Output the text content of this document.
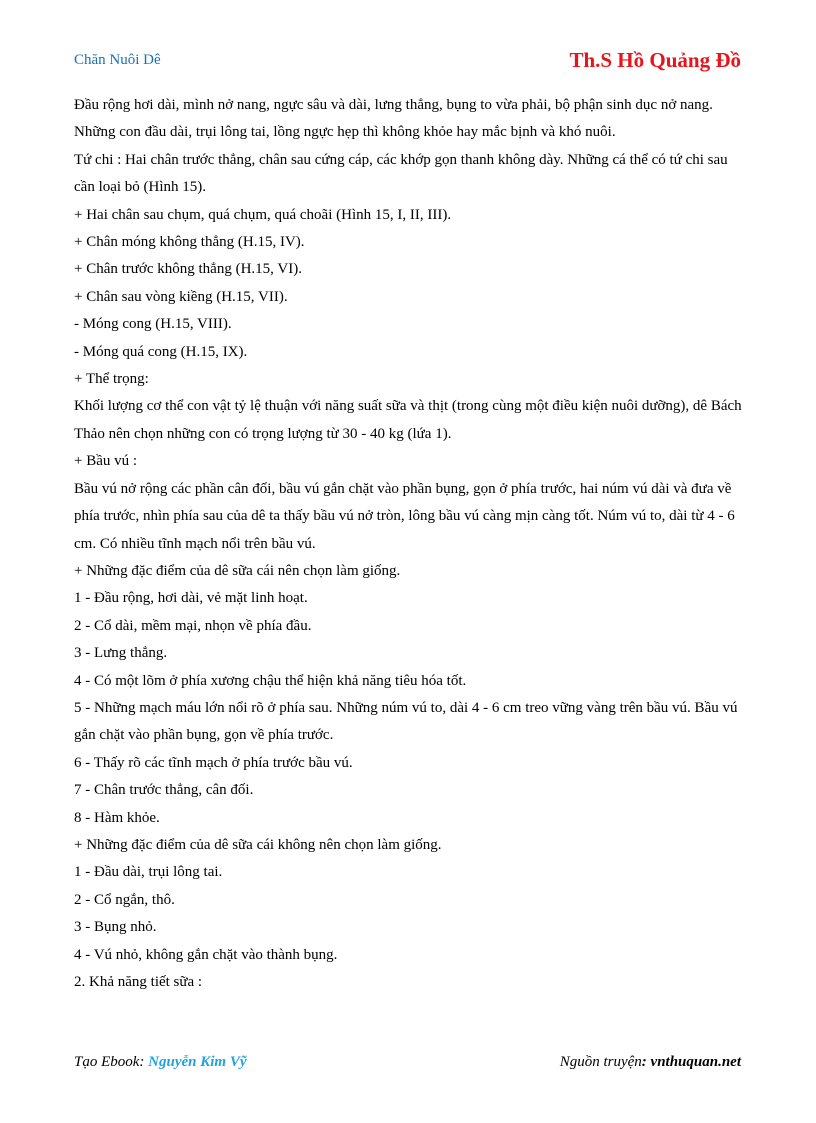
Chăn Nuôi Dê	Th.S Hồ Quảng Đồ

Đầu rộng hơi dài, mình nở nang, ngực sâu và dài, lưng thẳng, bụng to vừa phải, bộ phận sinh dục nở nang.

Những con đầu dài, trụi lông tai, lồng ngực hẹp thì không khỏe hay mắc bịnh và khó nuôi.

Tứ chi : Hai chân trước thẳng, chân sau cứng cáp, các khớp gọn thanh không dày. Những cá thể có tứ chi sau cần loại bỏ (Hình 15).

+ Hai chân sau chụm, quá chụm, quá choãi (Hình 15, I, II, III).

+ Chân móng không thẳng (H.15, IV).

+ Chân trước không thẳng (H.15, VI).

+ Chân sau vòng kiềng (H.15, VII).

- Móng cong (H.15, VIII).

- Móng quá cong (H.15, IX).

+ Thể trọng:

Khối lượng cơ thể con vật tỷ lệ thuận với năng suất sữa và thịt (trong cùng một điều kiện nuôi dưỡng), dê Bách Thảo nên chọn những con có trọng lượng từ 30 - 40 kg (lứa 1).

+ Bầu vú :

Bầu vú nở rộng các phần cân đối, bầu vú gắn chặt vào phần bụng, gọn ở phía trước, hai núm vú dài và đưa về phía trước, nhìn phía sau của dê ta thấy bầu vú nở tròn, lông bầu vú càng mịn càng tốt. Núm vú to, dài từ 4 - 6 cm. Có nhiều tĩnh mạch nổi trên bầu vú.

+ Những đặc điểm của dê sữa cái nên chọn làm giống.

1 - Đầu rộng, hơi dài, vẻ mặt linh hoạt.

2 - Cổ dài, mềm mại, nhọn về phía đầu.

3 - Lưng thẳng.

4 - Có một lõm ở phía xương chậu thể hiện khả năng tiêu hóa tốt.

5 - Những mạch máu lớn nổi rõ ở phía sau. Những núm vú to, dài 4 - 6 cm treo vững vàng trên bầu vú. Bầu vú gắn chặt vào phần bụng, gọn về phía trước.

6 - Thấy rõ các tĩnh mạch ở phía trước bầu vú.

7 - Chân trước thẳng, cân đối.

8 - Hàm khỏe.

+ Những đặc điểm của dê sữa cái không nên chọn làm giống.

1 - Đầu dài, trụi lông tai.

2 - Cổ ngắn, thô.

3 - Bụng nhỏ.

4 - Vú nhỏ, không gắn chặt vào thành bụng.

2. Khả năng tiết sữa :

Tạo Ebook: Nguyễn Kim Vỹ	Nguồn truyện: vnthuquan.net
